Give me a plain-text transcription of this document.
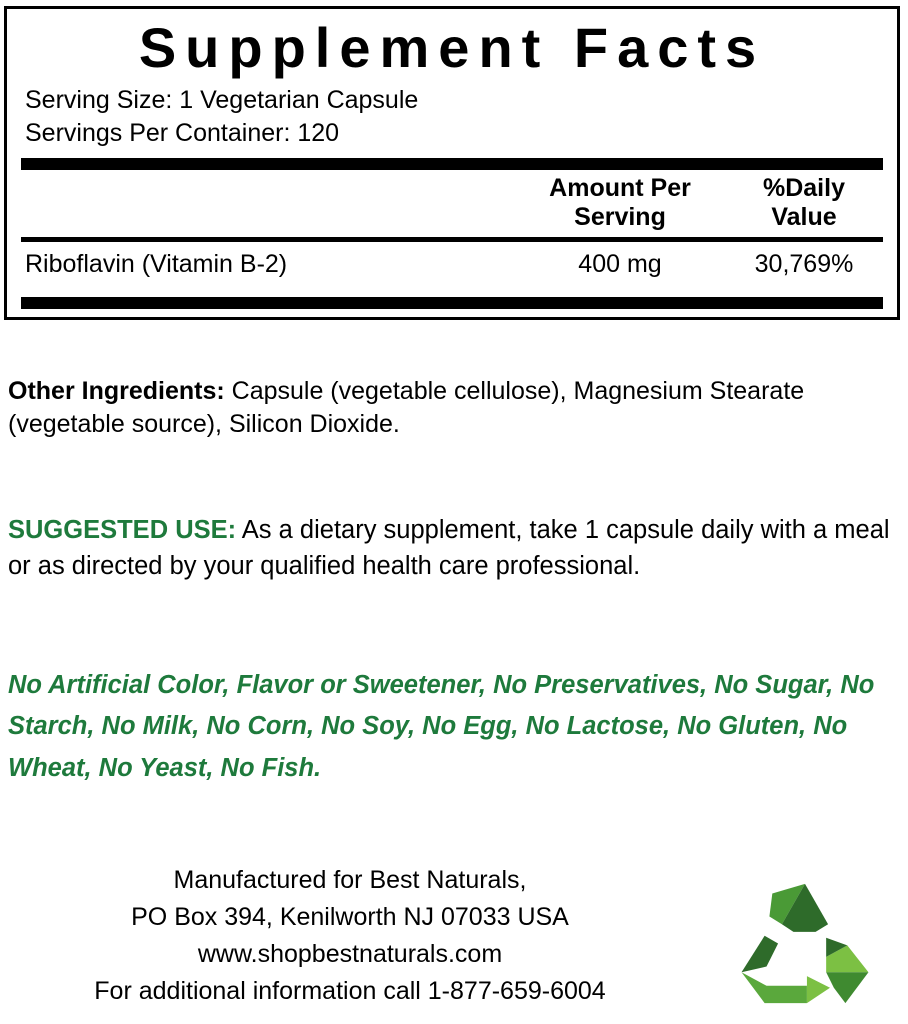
Supplement Facts
Serving Size: 1 Vegetarian Capsule
Servings Per Container: 120
Amount Per
Serving
%Daily
Value
Riboflavin (Vitamin B-2)	400 mg	30,769%
Other Ingredients: Capsule (vegetable cellulose), Magnesium Stearate (vegetable source), Silicon Dioxide.
SUGGESTED USE: As a dietary supplement, take 1 capsule daily with a meal or as directed by your qualified health care professional.
No Artificial Color, Flavor or Sweetener, No Preservatives, No Sugar, No Starch, No Milk, No Corn, No Soy, No Egg, No Lactose, No Gluten, No Wheat, No Yeast, No Fish.
Manufactured for Best Naturals,
PO Box 394, Kenilworth NJ 07033 USA
www.shopbestnaturals.com
For additional information call 1-877-659-6004
